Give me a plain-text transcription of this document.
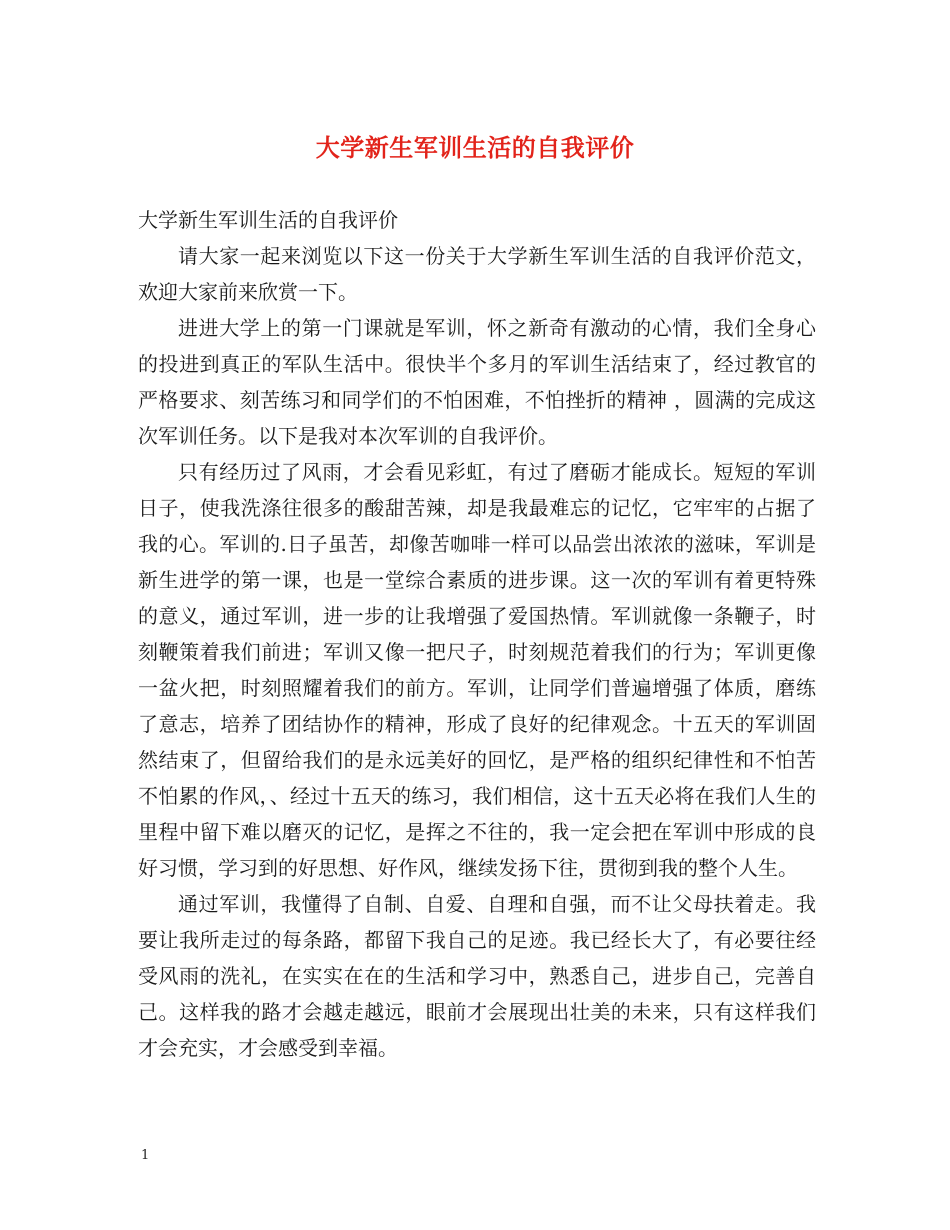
大学新生军训生活的自我评价

大学新生军训生活的自我评价

请大家一起来浏览以下这一份关于大学新生军训生活的自我评价范文，欢迎大家前来欣赏一下。

进进大学上的第一门课就是军训，怀之新奇有激动的心情，我们全身心的投进到真正的军队生活中。很快半个多月的军训生活结束了，经过教官的严格要求、刻苦练习和同学们的不怕困难，不怕挫折的精神 ，圆满的完成这次军训任务。以下是我对本次军训的自我评价。

只有经历过了风雨，才会看见彩虹，有过了磨砺才能成长。短短的军训日子，使我洗涤往很多的酸甜苦辣，却是我最难忘的记忆，它牢牢的占据了我的心。军训的.日子虽苦，却像苦咖啡一样可以品尝出浓浓的滋味，军训是新生进学的第一课，也是一堂综合素质的进步课。这一次的军训有着更特殊的意义，通过军训，进一步的让我增强了爱国热情。军训就像一条鞭子，时刻鞭策着我们前进；军训又像一把尺子，时刻规范着我们的行为；军训更像一盆火把，时刻照耀着我们的前方。军训，让同学们普遍增强了体质，磨练了意志，培养了团结协作的精神，形成了良好的纪律观念。十五天的军训固然结束了，但留给我们的是永远美好的回忆，是严格的组织纪律性和不怕苦不怕累的作风，、经过十五天的练习，我们相信，这十五天必将在我们人生的里程中留下难以磨灭的记忆，是挥之不往的，我一定会把在军训中形成的良好习惯，学习到的好思想、好作风，继续发扬下往，贯彻到我的整个人生。

通过军训，我懂得了自制、自爱、自理和自强，而不让父母扶着走。我要让我所走过的每条路，都留下我自己的足迹。我已经长大了，有必要往经受风雨的洗礼，在实实在在的生活和学习中，熟悉自己，进步自己，完善自己。这样我的路才会越走越远，眼前才会展现出壮美的未来，只有这样我们才会充实，才会感受到幸福。

1
